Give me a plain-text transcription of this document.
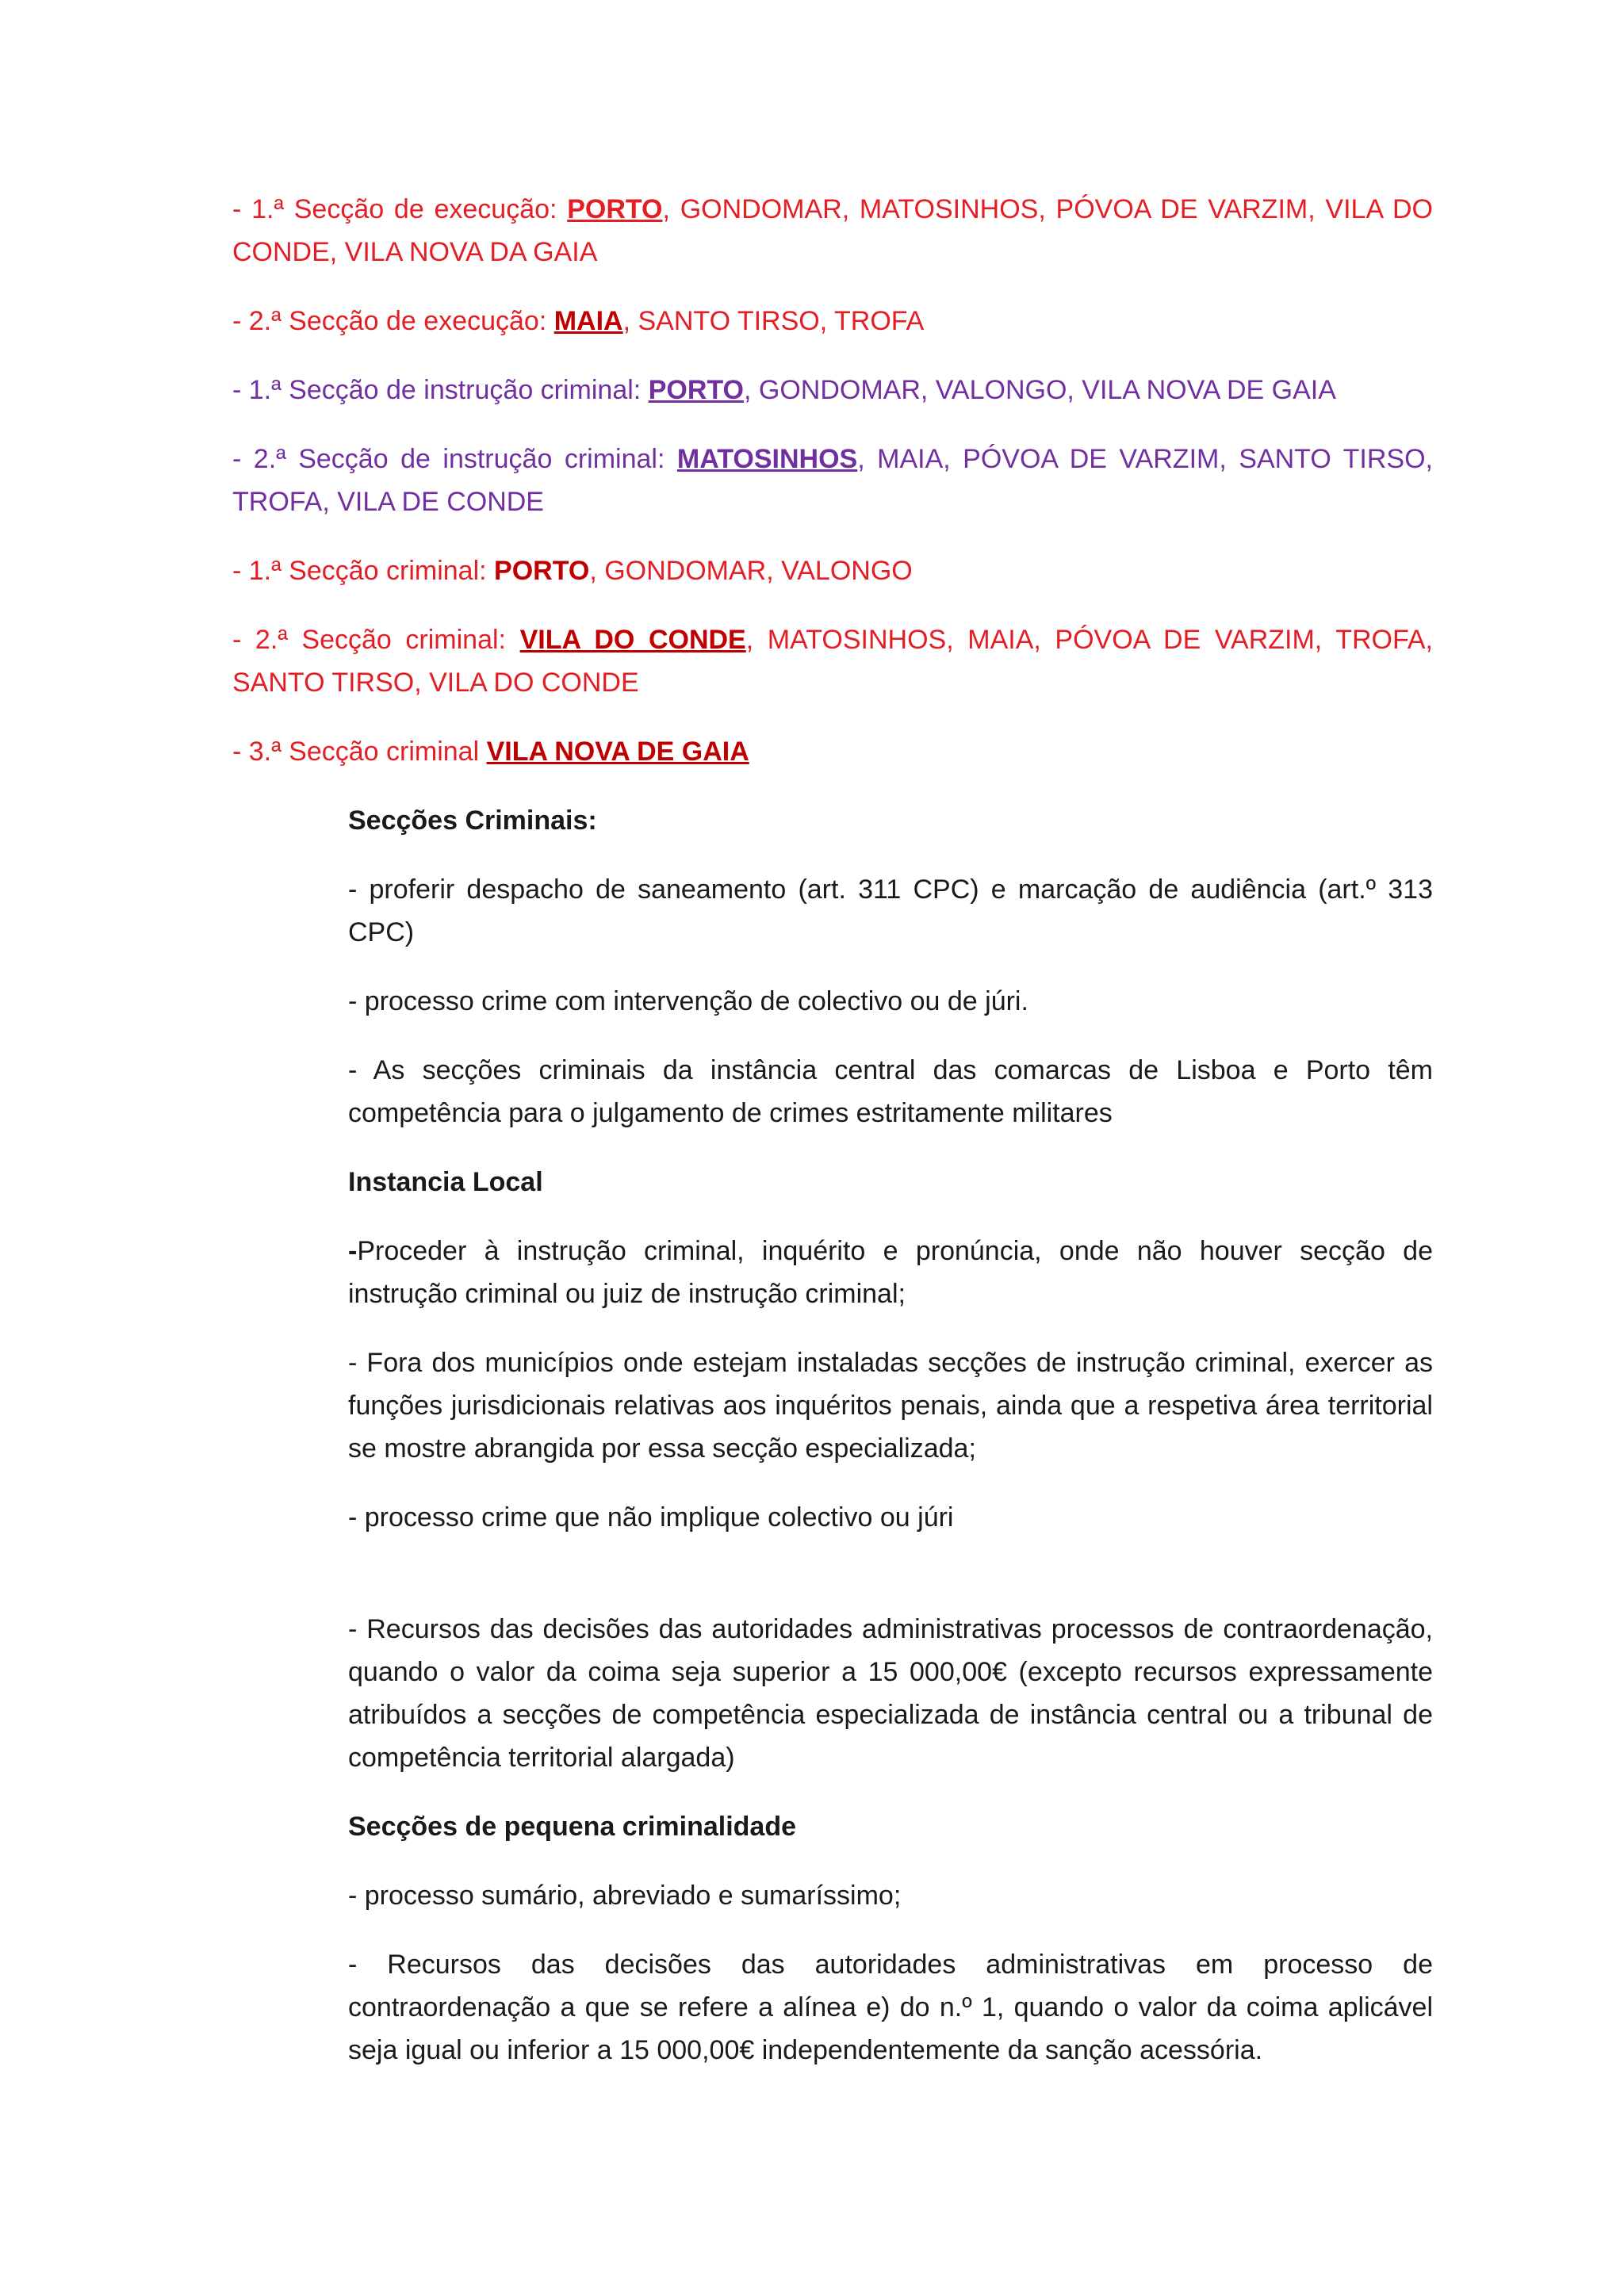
- 1.ª Secção de execução: PORTO, GONDOMAR, MATOSINHOS, PÓVOA DE VARZIM, VILA DO CONDE, VILA NOVA DA GAIA

- 2.ª Secção de execução: MAIA, SANTO TIRSO, TROFA

- 1.ª Secção de instrução criminal: PORTO, GONDOMAR, VALONGO, VILA NOVA DE GAIA

- 2.ª Secção de instrução criminal: MATOSINHOS, MAIA, PÓVOA DE VARZIM, SANTO TIRSO, TROFA, VILA DE CONDE

- 1.ª Secção criminal: PORTO, GONDOMAR, VALONGO

- 2.ª Secção criminal: VILA DO CONDE, MATOSINHOS, MAIA, PÓVOA DE VARZIM, TROFA, SANTO TIRSO, VILA DO CONDE

- 3.ª Secção criminal VILA NOVA DE GAIA

Secções Criminais:

- proferir despacho de saneamento (art. 311 CPC) e marcação de audiência (art.º 313 CPC)

- processo crime com intervenção de colectivo ou de júri.

- As secções criminais da instância central das comarcas de Lisboa e Porto têm competência para o julgamento de crimes estritamente militares

Instancia Local

-Proceder à instrução criminal, inquérito e pronúncia, onde não houver secção de instrução criminal ou juiz de instrução criminal;

- Fora dos municípios onde estejam instaladas secções de instrução criminal, exercer as funções jurisdicionais relativas aos inquéritos penais, ainda que a respetiva área territorial se mostre abrangida por essa secção especializada;

- processo crime que não implique colectivo ou júri

- Recursos das decisões das autoridades administrativas processos de contraordenação, quando o valor da coima seja superior a 15 000,00€ (excepto recursos expressamente atribuídos a secções de competência especializada de instância central ou a tribunal de competência territorial alargada)

Secções de pequena criminalidade

- processo sumário, abreviado e sumaríssimo;

- Recursos das decisões das autoridades administrativas em processo de contraordenação a que se refere a alínea e) do n.º 1, quando o valor da coima aplicável seja igual ou inferior a 15 000,00€ independentemente da sanção acessória.
